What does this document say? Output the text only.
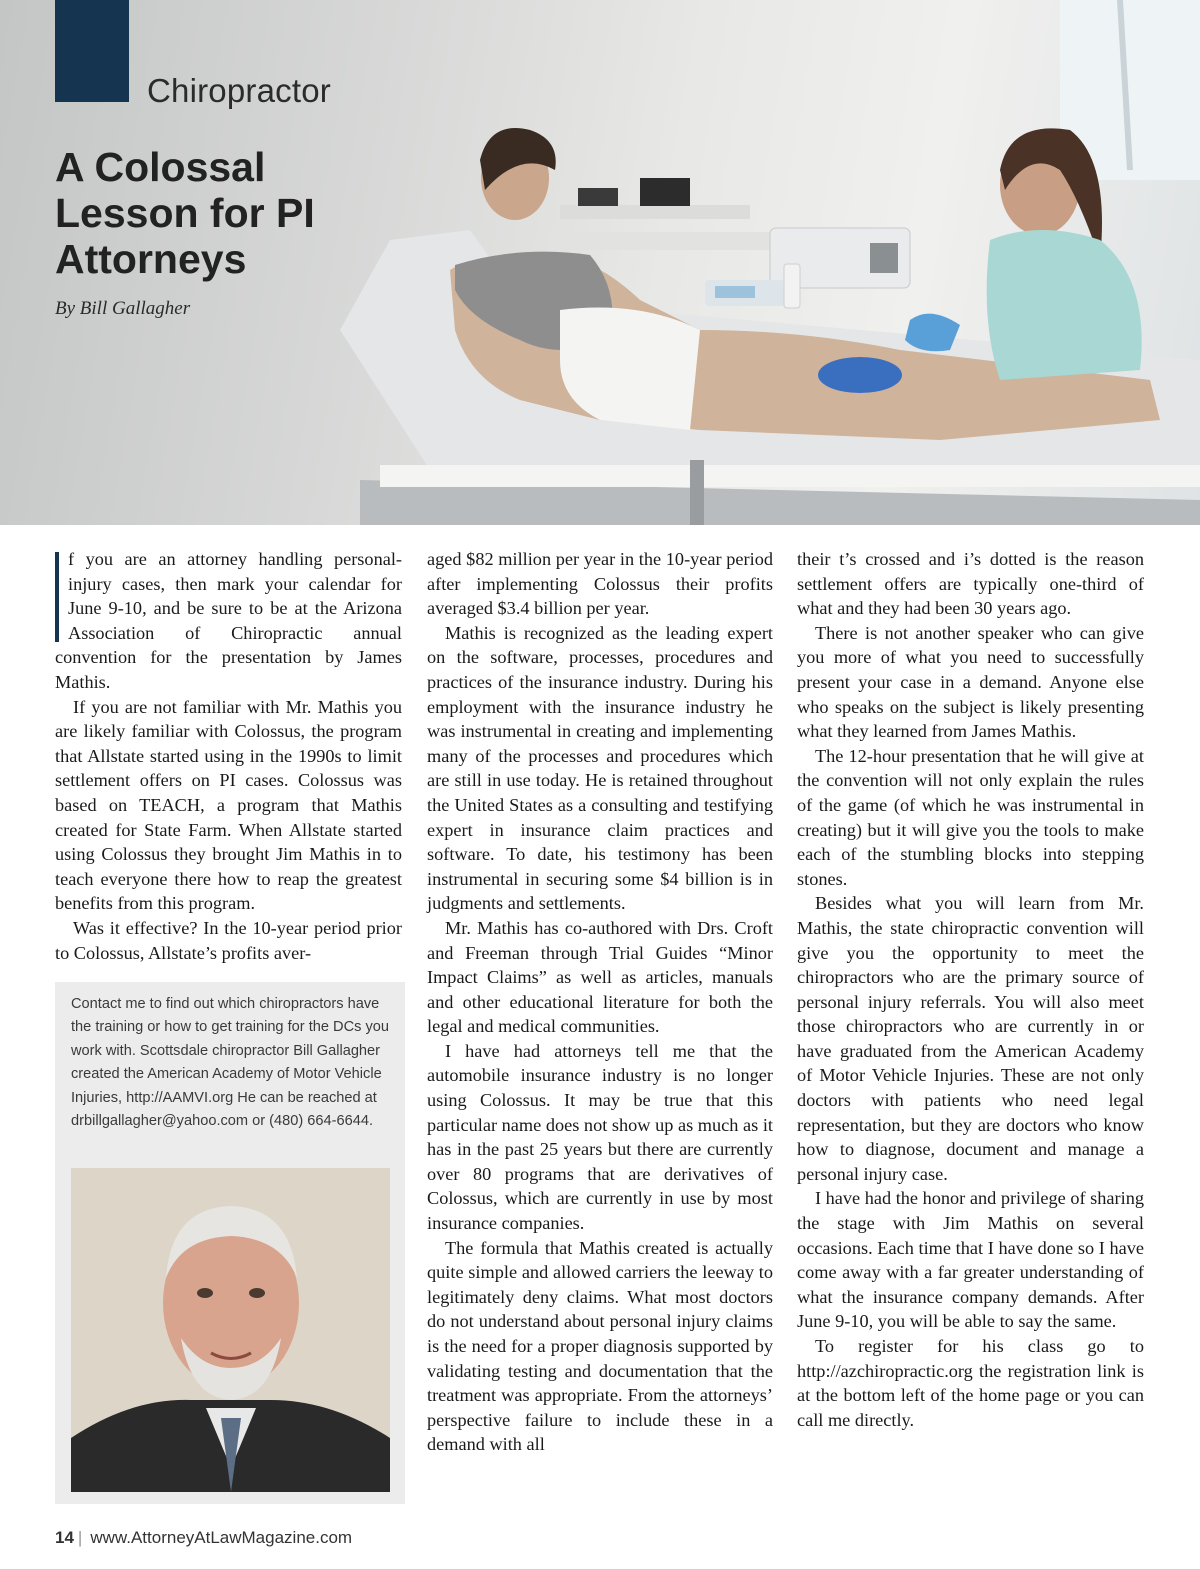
Chiropractor
A Colossal
Lesson for PI
Attorneys
By Bill Gallagher

f you are an attorney handling personal-injury cases, then mark your calendar for June 9-10, and be sure to be at the Arizona Association of Chiropractic annual convention for the presentation by James Mathis.

If you are not familiar with Mr. Mathis you are likely familiar with Colossus, the program that Allstate started using in the 1990s to limit settlement offers on PI cases. Colossus was based on TEACH, a program that Mathis created for State Farm. When Allstate started using Colossus they brought Jim Mathis in to teach everyone there how to reap the greatest benefits from this program.

Was it effective? In the 10-year period prior to Colossus, Allstate’s profits aver-

Contact me to find out which chiropractors have the training or how to get training for the DCs you work with. Scottsdale chiropractor Bill Gallagher created the American Academy of Motor Vehicle Injuries, http://AAMVI.org He can be reached at drbillgallagher@yahoo.com or (480) 664-6644.

aged $82 million per year in the 10-year period after implementing Colossus their profits averaged $3.4 billion per year.

Mathis is recognized as the leading expert on the software, processes, procedures and practices of the insurance industry. During his employment with the insurance industry he was instrumental in creating and implementing many of the processes and procedures which are still in use today. He is retained throughout the United States as a consulting and testifying expert in insurance claim practices and software. To date, his testimony has been instrumental in securing some $4 billion is in judgments and settlements.

Mr. Mathis has co-authored with Drs. Croft and Freeman through Trial Guides “Minor Impact Claims” as well as articles, manuals and other educational literature for both the legal and medical communities.

I have had attorneys tell me that the automobile insurance industry is no longer using Colossus. It may be true that this particular name does not show up as much as it has in the past 25 years but there are currently over 80 programs that are derivatives of Colossus, which are currently in use by most insurance companies.

The formula that Mathis created is actually quite simple and allowed carriers the leeway to legitimately deny claims. What most doctors do not understand about personal injury claims is the need for a proper diagnosis supported by validating testing and documentation that the treatment was appropriate. From the attorneys’ perspective failure to include these in a demand with all

their t’s crossed and i’s dotted is the reason settlement offers are typically one-third of what and they had been 30 years ago.

There is not another speaker who can give you more of what you need to successfully present your case in a demand. Anyone else who speaks on the subject is likely presenting what they learned from James Mathis.

The 12-hour presentation that he will give at the convention will not only explain the rules of the game (of which he was instrumental in creating) but it will give you the tools to make each of the stumbling blocks into stepping stones.

Besides what you will learn from Mr. Mathis, the state chiropractic convention will give you the opportunity to meet the chiropractors who are the primary source of personal injury referrals. You will also meet those chiropractors who are currently in or have graduated from the American Academy of Motor Vehicle Injuries. These are not only doctors with patients who need legal representation, but they are doctors who know how to diagnose, document and manage a personal injury case.

I have had the honor and privilege of sharing the stage with Jim Mathis on several occasions. Each time that I have done so I have come away with a far greater understanding of what the insurance company demands. After June 9-10, you will be able to say the same.

To register for his class go to http://azchiropractic.org the registration link is at the bottom left of the home page or you can call me directly.

14 | www.AttorneyAtLawMagazine.com
